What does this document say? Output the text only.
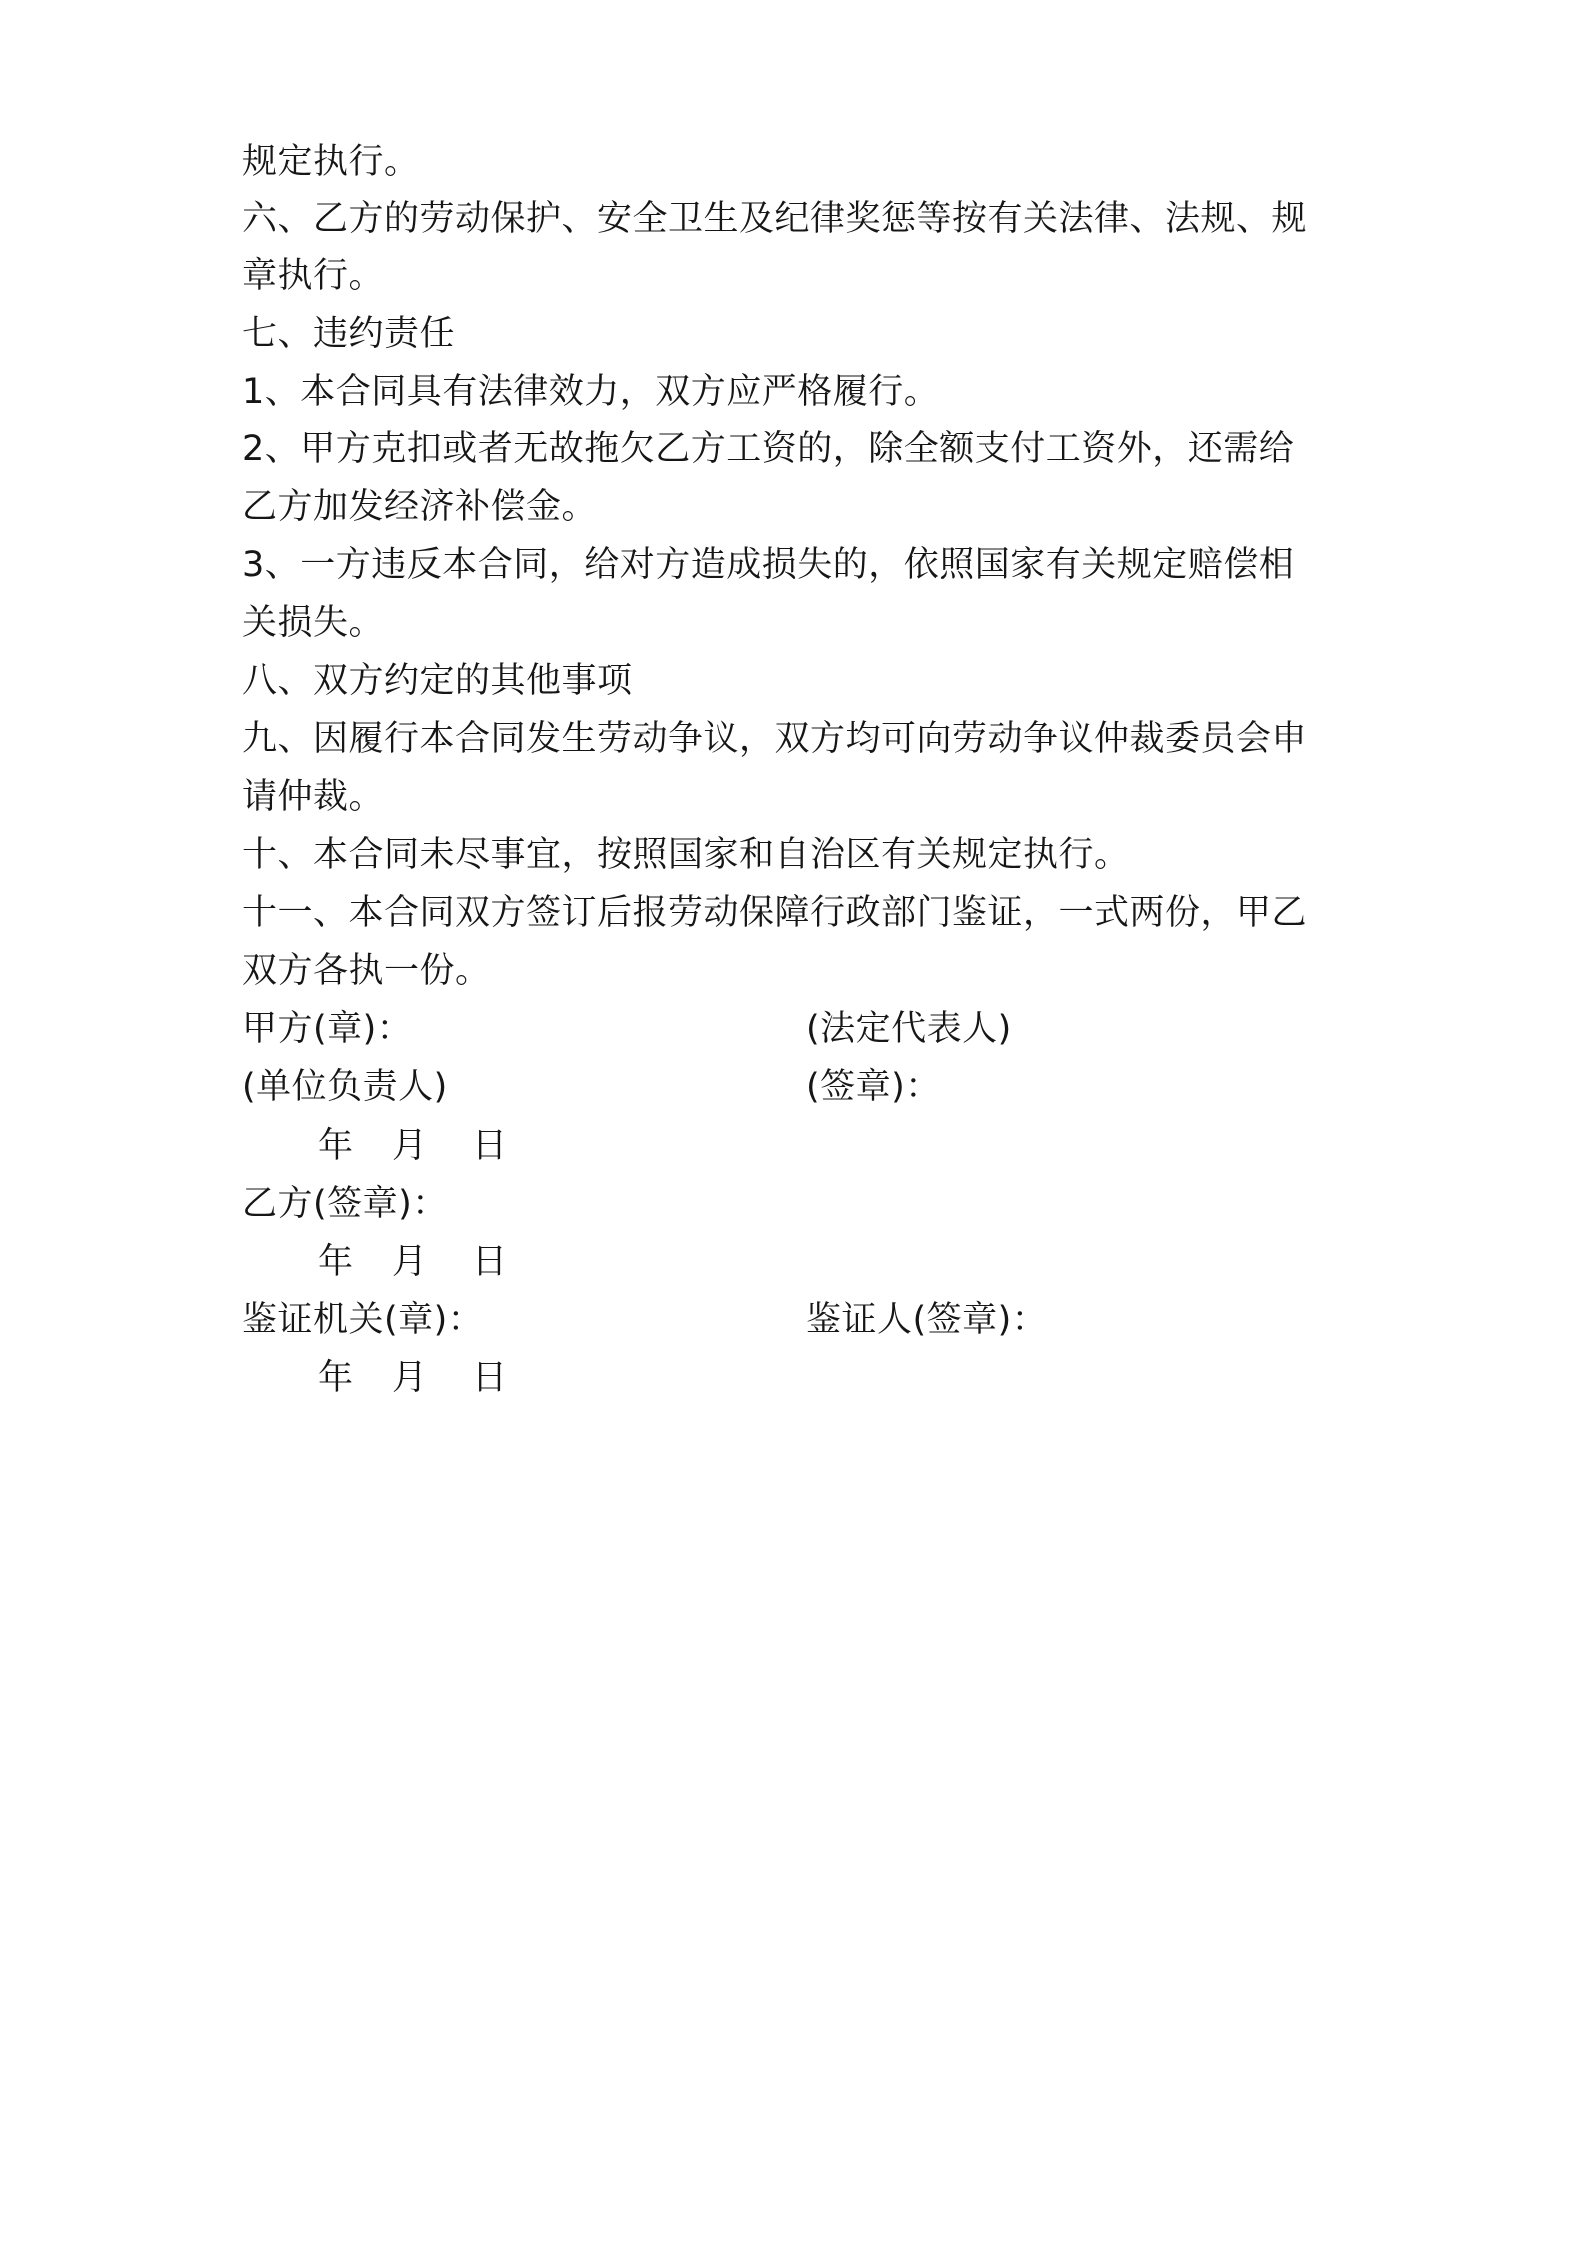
规定执行。
六、乙方的劳动保护、安全卫生及纪律奖惩等按有关法律、法规、规
章执行。
七、违约责任
1、本合同具有法律效力，双方应严格履行。
2、甲方克扣或者无故拖欠乙方工资的，除全额支付工资外，还需给
乙方加发经济补偿金。
3、一方违反本合同，给对方造成损失的，依照国家有关规定赔偿相
关损失。
八、双方约定的其他事项
九、因履行本合同发生劳动争议，双方均可向劳动争议仲裁委员会申
请仲裁。
十、本合同未尽事宜，按照国家和自治区有关规定执行。
十一、本合同双方签订后报劳动保障行政部门鉴证，一式两份，甲乙
双方各执一份。
甲方(章)：	(法定代表人)
(单位负责人)	(签章)：
年	月	日
乙方(签章)：
年	月	日
鉴证机关(章)：	鉴证人(签章)：
年	月	日
